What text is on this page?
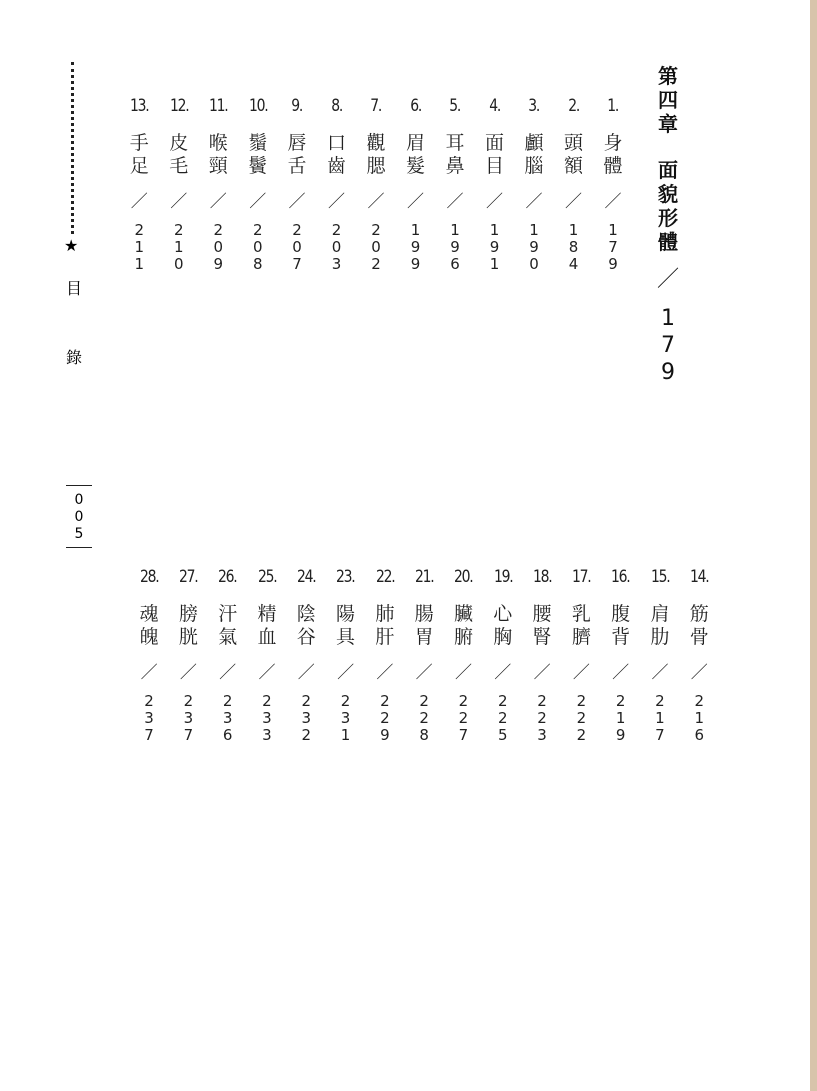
第四章
面貌形體
／
179
1.
身體
／
179
2.
頭額
／
184
3.
顱腦
／
190
4.
面目
／
191
5.
耳鼻
／
196
6.
眉髮
／
199
7.
觀腮
／
202
8.
口齒
／
203
9.
唇舌
／
207
10.
鬚鬢
／
208
11.
喉頸
／
209
12.
皮毛
／
210
13.
手足
／
211
14.
筋骨
／
216
15.
肩肋
／
217
16.
腹背
／
219
17.
乳臍
／
222
18.
腰腎
／
223
19.
心胸
／
225
20.
臟腑
／
227
21.
腸胃
／
228
22.
肺肝
／
229
23.
陽具
／
231
24.
陰谷
／
232
25.
精血
／
233
26.
汗氣
／
236
27.
膀胱
／
237
28.
魂魄
／
237
★
目
錄
005
